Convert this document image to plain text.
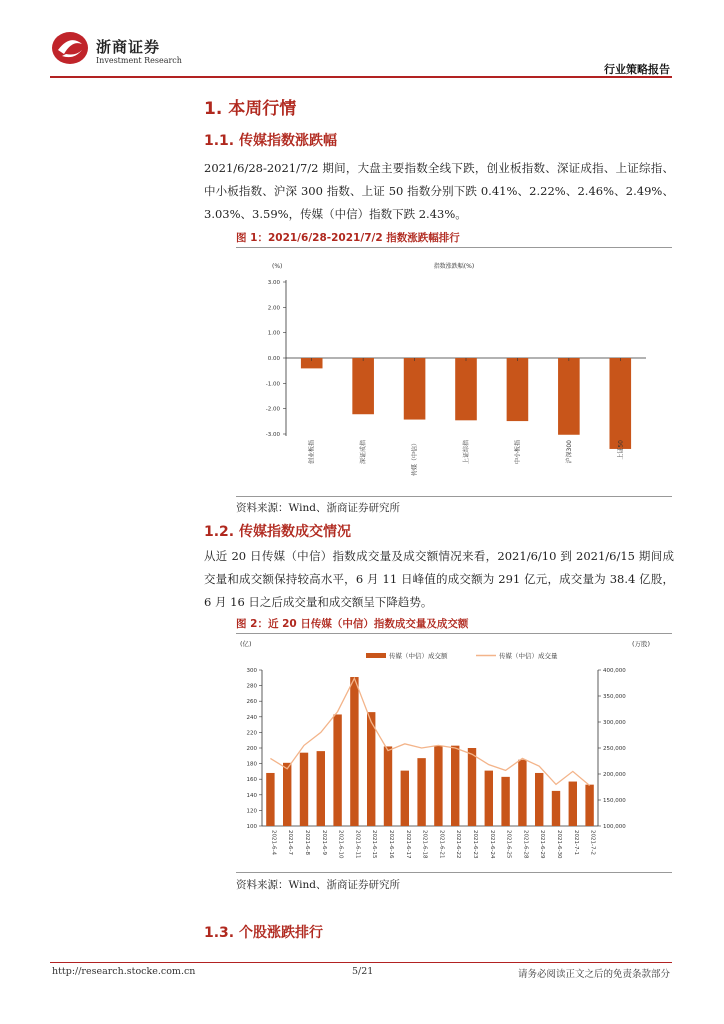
浙商证券
Investment Research
行业策略报告
1. 本周行情
1.1. 传媒指数涨跌幅
2021/6/28-2021/7/2 期间，大盘主要指数全线下跌，创业板指数、深证成指、上证综指、中小板指数、沪深 300 指数、上证 50 指数分别下跌 0.41%、2.22%、2.46%、2.49%、3.03%、3.59%，传媒（中信）指数下跌 2.43%。
图 1：2021/6/28-2021/7/2 指数涨跌幅排行
(%)	指数涨跌幅(%)
3.00
2.00
1.00
0.00
-1.00
-2.00
-3.00
创业板指	深证成指	传媒（中信）	上证综指	中小板指	沪深300	上证50
资料来源：Wind、浙商证券研究所
1.2. 传媒指数成交情况
从近 20 日传媒（中信）指数成交量及成交额情况来看，2021/6/10 到 2021/6/15 期间成交量和成交额保持较高水平，6 月 11 日峰值的成交额为 291 亿元，成交量为 38.4 亿股，6 月 16 日之后成交量和成交额呈下降趋势。
图 2：近 20 日传媒（中信）指数成交量及成交额
(亿)	(万股)
传媒（中信）成交额	传媒（中信）成交量
300
280
260
240
220
200
180
160
140
120
100
400,000
350,000
300,000
250,000
200,000
150,000
100,000
2021-6-4 2021-6-7 2021-6-8 2021-6-9 2021-6-10 2021-6-11 2021-6-15 2021-6-16 2021-6-17 2021-6-18 2021-6-21 2021-6-22 2021-6-23 2021-6-24 2021-6-25 2021-6-28 2021-6-29 2021-6-30 2021-7-1 2021-7-2
资料来源：Wind、浙商证券研究所
1.3. 个股涨跌排行
http://research.stocke.com.cn	5/21	请务必阅读正文之后的免责条款部分
